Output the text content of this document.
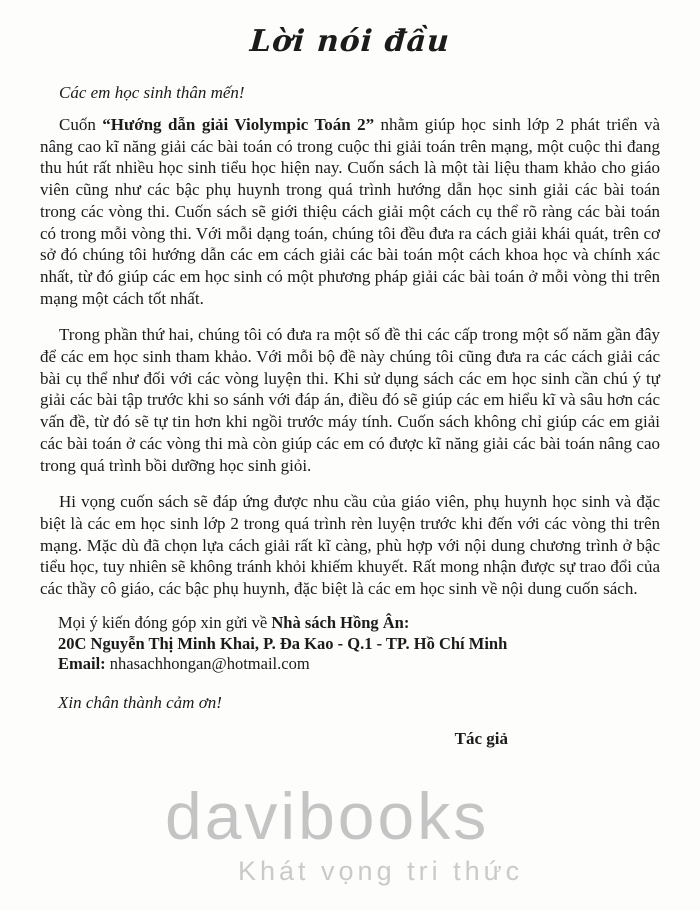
davibooks
Khát vọng tri thức
Lời nói đầu
Các em học sinh thân mến!

Cuốn “Hướng dẫn giải Violympic Toán 2” nhằm giúp học sinh lớp 2 phát triển và nâng cao kĩ năng giải các bài toán có trong cuộc thi giải toán trên mạng, một cuộc thi đang thu hút rất nhiều học sinh tiểu học hiện nay. Cuốn sách là một tài liệu tham khảo cho giáo viên cũng như các bậc phụ huynh trong quá trình hướng dẫn học sinh giải các bài toán trong các vòng thi. Cuốn sách sẽ giới thiệu cách giải một cách cụ thể rõ ràng các bài toán có trong mỗi vòng thi. Với mỗi dạng toán, chúng tôi đều đưa ra cách giải khái quát, trên cơ sở đó chúng tôi hướng dẫn các em cách giải các bài toán một cách khoa học và chính xác nhất, từ đó giúp các em học sinh có một phương pháp giải các bài toán ở mỗi vòng thi trên mạng một cách tốt nhất.

Trong phần thứ hai, chúng tôi có đưa ra một số đề thi các cấp trong một số năm gần đây để các em học sinh tham khảo. Với mỗi bộ đề này chúng tôi cũng đưa ra các cách giải các bài cụ thể như đối với các vòng luyện thi. Khi sử dụng sách các em học sinh cần chú ý tự giải các bài tập trước khi so sánh với đáp án, điều đó sẽ giúp các em hiểu kĩ và sâu hơn các vấn đề, từ đó sẽ tự tin hơn khi ngồi trước máy tính. Cuốn sách không chỉ giúp các em giải các bài toán ở các vòng thi mà còn giúp các em có được kĩ năng giải các bài toán nâng cao trong quá trình bồi dưỡng học sinh giỏi.

Hi vọng cuốn sách sẽ đáp ứng được nhu cầu của giáo viên, phụ huynh học sinh và đặc biệt là các em học sinh lớp 2 trong quá trình rèn luyện trước khi đến với các vòng thi trên mạng. Mặc dù đã chọn lựa cách giải rất kĩ càng, phù hợp với nội dung chương trình ở bậc tiểu học, tuy nhiên sẽ không tránh khỏi khiếm khuyết. Rất mong nhận được sự trao đổi của các thầy cô giáo, các bậc phụ huynh, đặc biệt là các em học sinh về nội dung cuốn sách.

Mọi ý kiến đóng góp xin gửi về Nhà sách Hồng Ân:
20C Nguyễn Thị Minh Khai, P. Đa Kao - Q.1 - TP. Hồ Chí Minh
Email: nhasachhongan@hotmail.com
Xin chân thành cảm ơn!
Tác giả
